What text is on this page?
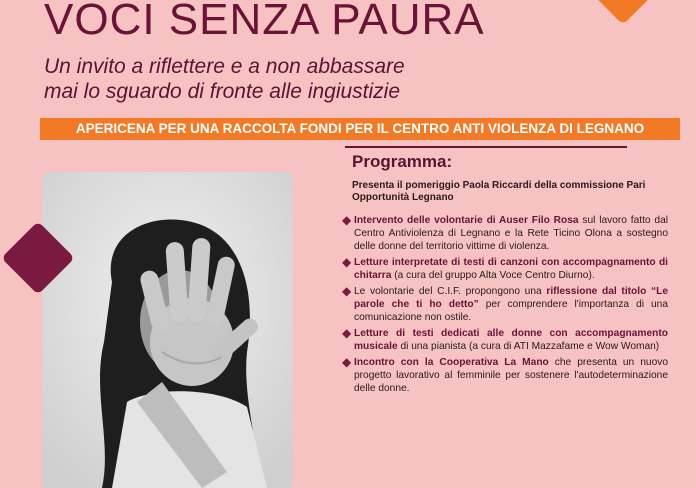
VOCI SENZA PAURA
Un invito a riflettere e a non abbassare
mai lo sguardo di fronte alle ingiustizie
APERICENA PER UNA RACCOLTA FONDI PER IL CENTRO ANTI VIOLENZA DI LEGNANO
Programma:
Presenta il pomeriggio Paola Riccardi della commissione Pari Opportunità Legnano
◆ Intervento delle volontarie di Auser Filo Rosa sul lavoro fatto dal Centro Antiviolenza di Legnano e la Rete Ticino Olona a sostegno delle donne del territorio vittime di violenza.
◆ Letture interpretate di testi di canzoni con accompagnamento di chitarra (a cura del gruppo Alta Voce Centro Diurno).
◆ Le volontarie del C.I.F. propongono una riflessione dal titolo “Le parole che ti ho detto” per comprendere l'importanza di una comunicazione non ostile.
◆ Letture di testi dedicati alle donne con accompagnamento musicale di una pianista (a cura di ATI Mazzafame e Wow Woman)
◆ Incontro con la Cooperativa La Mano che presenta un nuovo progetto lavorativo al femminile per sostenere l'autodeterminazione delle donne.
